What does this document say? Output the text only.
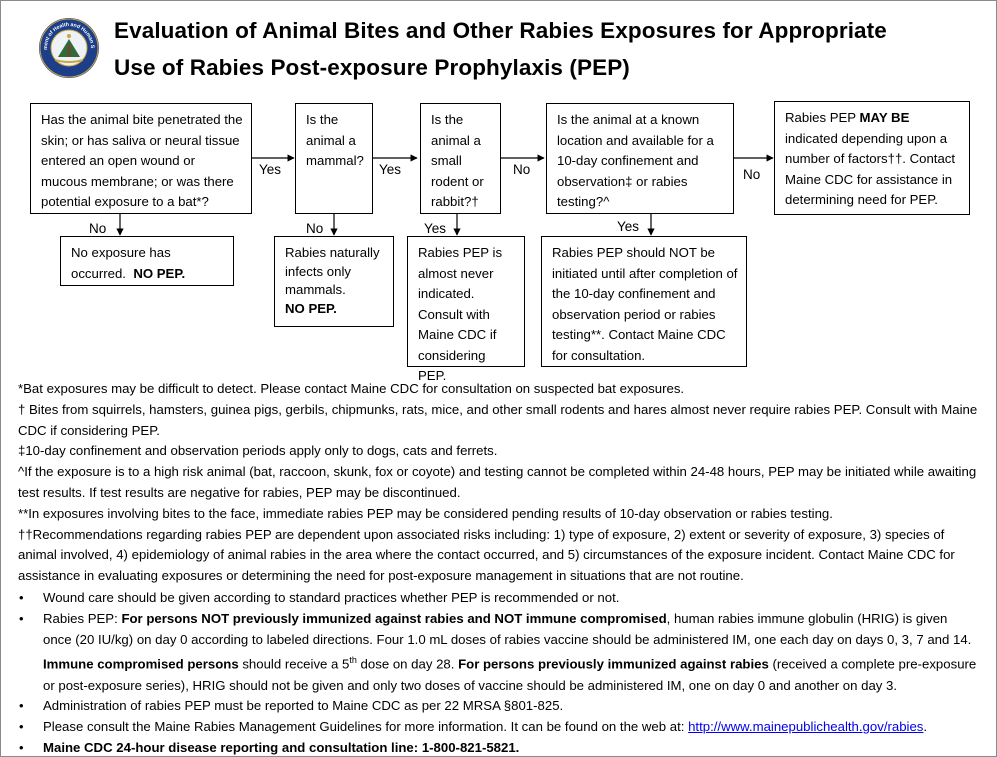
ment of Health and Human S
Evaluation of Animal Bites and Other Rabies Exposures for Appropriate
Use of Rabies Post-exposure Prophylaxis (PEP)
Has the animal bite penetrated the skin; or has saliva or neural tissue entered an open wound or mucous membrane; or was there potential exposure to a bat*?
Is the animal a mammal?
Is the animal a small rodent or rabbit?†
Is the animal at a known location and available for a 10-day confinement and observation‡ or rabies testing?^
Rabies PEP MAY BE indicated depending upon a number of factors††. Contact Maine CDC for assistance in determining need for PEP.
No exposure has occurred. NO PEP.
Rabies naturally infects only mammals.
NO PEP.
Rabies PEP is almost never indicated. Consult with Maine CDC if considering PEP.
Rabies PEP should NOT be initiated until after completion of the 10-day confinement and observation period or rabies testing**. Contact Maine CDC for consultation.
Yes	Yes	No	No
No	No	Yes	Yes

*Bat exposures may be difficult to detect. Please contact Maine CDC for consultation on suspected bat exposures.

† Bites from squirrels, hamsters, guinea pigs, gerbils, chipmunks, rats, mice, and other small rodents and hares almost never require rabies PEP. Consult with Maine CDC if considering PEP.

‡10-day confinement and observation periods apply only to dogs, cats and ferrets.

^If the exposure is to a high risk animal (bat, raccoon, skunk, fox or coyote) and testing cannot be completed within 24-48 hours, PEP may be initiated while awaiting test results. If test results are negative for rabies, PEP may be discontinued.

**In exposures involving bites to the face, immediate rabies PEP may be considered pending results of 10-day observation or rabies testing.

††Recommendations regarding rabies PEP are dependent upon associated risks including: 1) type of exposure, 2) extent or severity of exposure, 3) species of animal involved, 4) epidemiology of animal rabies in the area where the contact occurred, and 5) circumstances of the exposure incident. Contact Maine CDC for assistance in evaluating exposures or determining the need for post-exposure management in situations that are not routine.

• Wound care should be given according to standard practices whether PEP is recommended or not.
• Rabies PEP: For persons NOT previously immunized against rabies and NOT immune compromised, human rabies immune globulin (HRIG) is given once (20 IU/kg) on day 0 according to labeled directions. Four 1.0 mL doses of rabies vaccine should be administered IM, one each day on days 0, 3, 7 and 14. Immune compromised persons should receive a 5th dose on day 28. For persons previously immunized against rabies (received a complete pre-exposure or post-exposure series), HRIG should not be given and only two doses of vaccine should be administered IM, one on day 0 and another on day 3.
• Administration of rabies PEP must be reported to Maine CDC as per 22 MRSA §801-825.
• Please consult the Maine Rabies Management Guidelines for more information. It can be found on the web at: http://www.mainepublichealth.gov/rabies.
• Maine CDC 24-hour disease reporting and consultation line: 1-800-821-5821.
